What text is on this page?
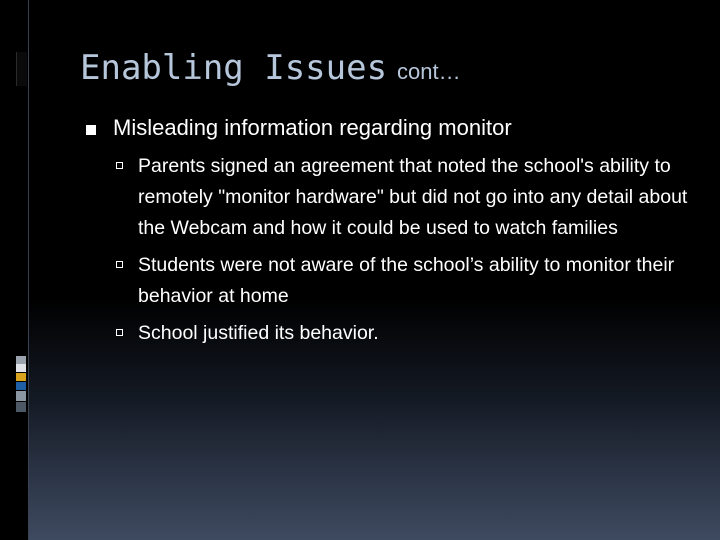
Enabling Issues cont…
Misleading information regarding monitor
Parents signed an agreement that noted the school's ability to remotely "monitor hardware" but did not go into any detail about the Webcam and how it could be used to watch families
Students were not aware of the school’s ability to monitor their behavior at home
School justified its behavior.
